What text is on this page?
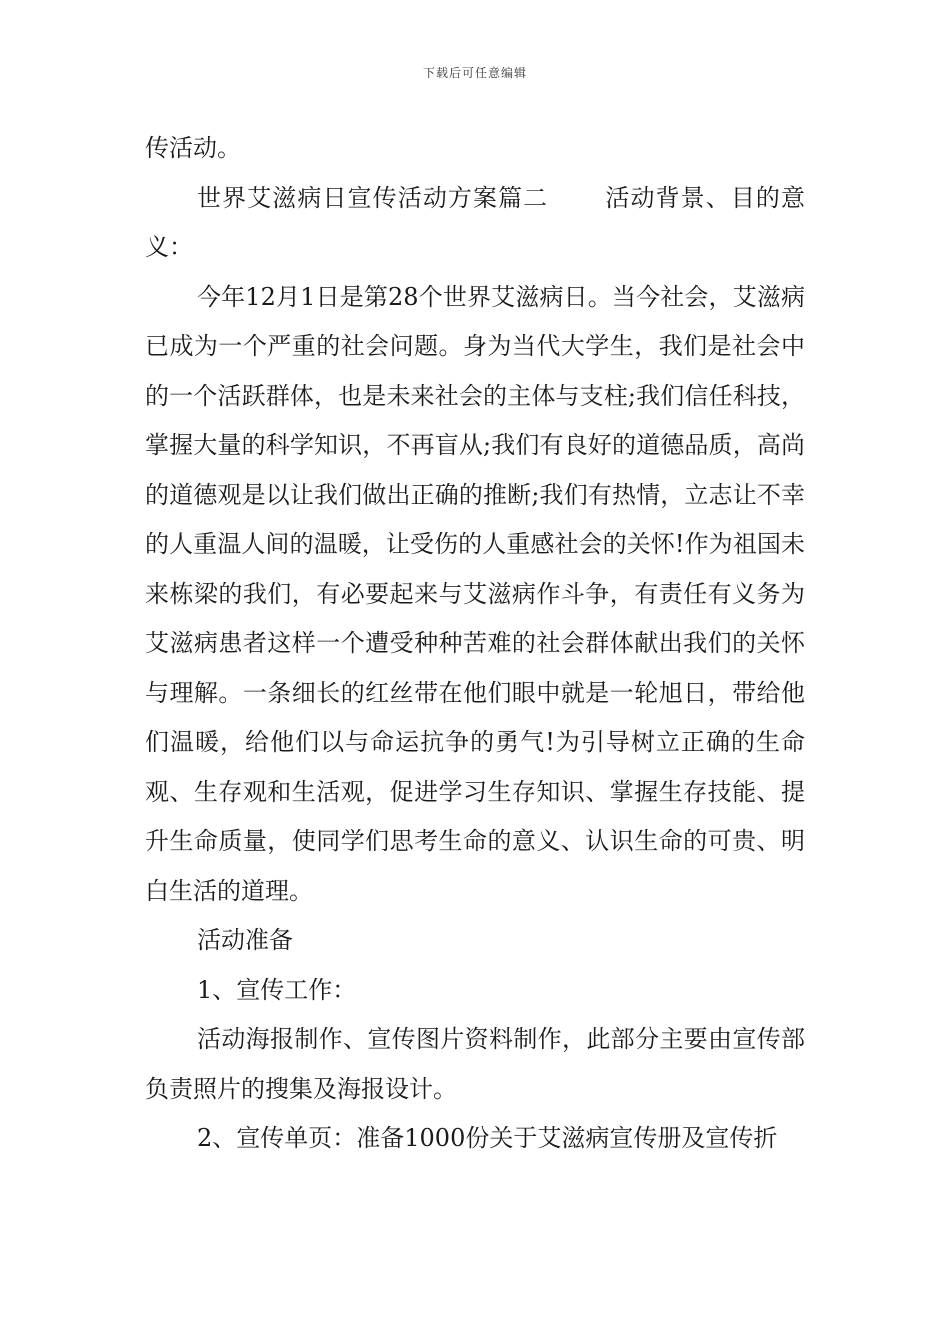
下载后可任意编辑

传活动。

世界艾滋病日宣传活动方案篇二 活动背景、目的意义：

今年12月1日是第28个世界艾滋病日。当今社会，艾滋病已成为一个严重的社会问题。身为当代大学生，我们是社会中的一个活跃群体，也是未来社会的主体与支柱;我们信任科技，掌握大量的科学知识，不再盲从;我们有良好的道德品质，高尚的道德观是以让我们做出正确的推断;我们有热情，立志让不幸的人重温人间的温暖，让受伤的人重感社会的关怀!作为祖国未来栋梁的我们，有必要起来与艾滋病作斗争，有责任有义务为艾滋病患者这样一个遭受种种苦难的社会群体献出我们的关怀与理解。一条细长的红丝带在他们眼中就是一轮旭日，带给他们温暖，给他们以与命运抗争的勇气!为引导树立正确的生命观、生存观和生活观，促进学习生存知识、掌握生存技能、提升生命质量，使同学们思考生命的意义、认识生命的可贵、明白生活的道理。

活动准备

1、宣传工作：

活动海报制作、宣传图片资料制作，此部分主要由宣传部负责照片的搜集及海报设计。

2、宣传单页：准备1000份关于艾滋病宣传册及宣传折
